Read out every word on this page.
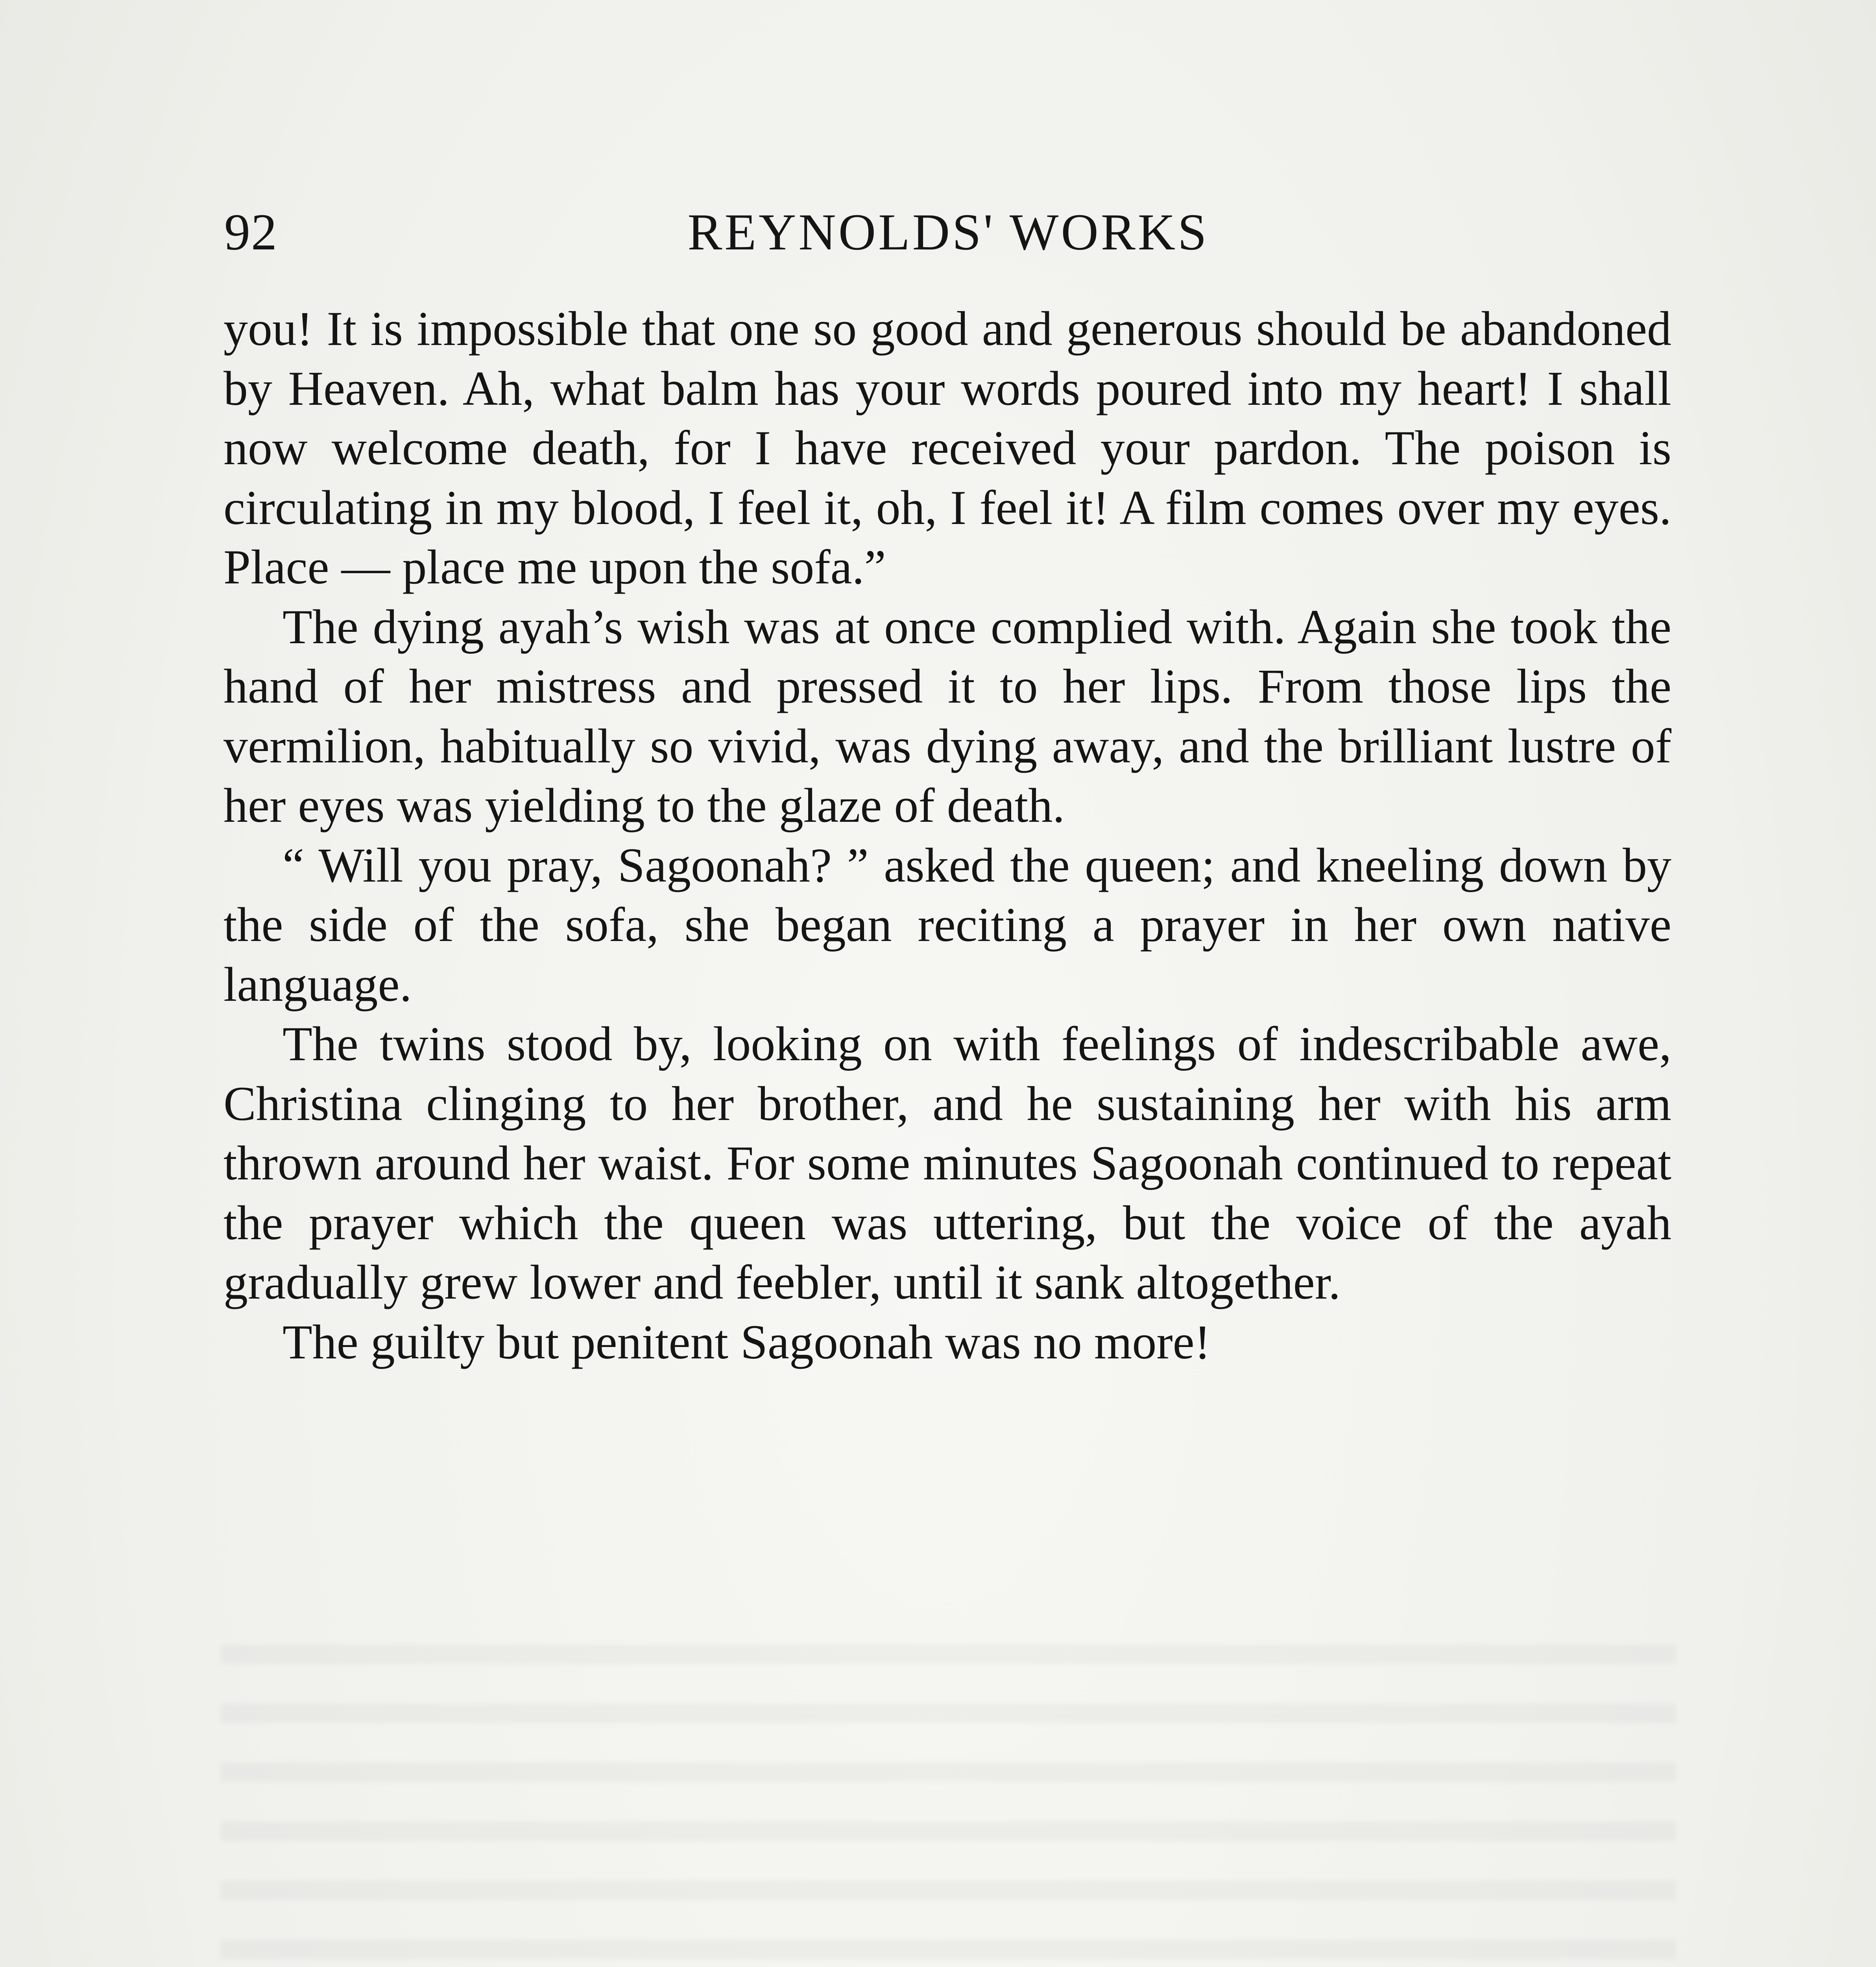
92	REYNOLDS' WORKS

you! It is impossible that one so good and generous should be abandoned by Heaven. Ah, what balm has your words poured into my heart! I shall now welcome death, for I have received your pardon. The poison is circulating in my blood, I feel it, oh, I feel it! A film comes over my eyes. Place — place me upon the sofa.”

The dying ayah’s wish was at once complied with. Again she took the hand of her mistress and pressed it to her lips. From those lips the vermilion, habitually so vivid, was dying away, and the brilliant lustre of her eyes was yielding to the glaze of death.

“ Will you pray, Sagoonah? ” asked the queen; and kneeling down by the side of the sofa, she began reciting a prayer in her own native language.

The twins stood by, looking on with feelings of indescribable awe, Christina clinging to her brother, and he sustaining her with his arm thrown around her waist. For some minutes Sagoonah continued to repeat the prayer which the queen was uttering, but the voice of the ayah gradually grew lower and feebler, until it sank altogether.

The guilty but penitent Sagoonah was no more!
